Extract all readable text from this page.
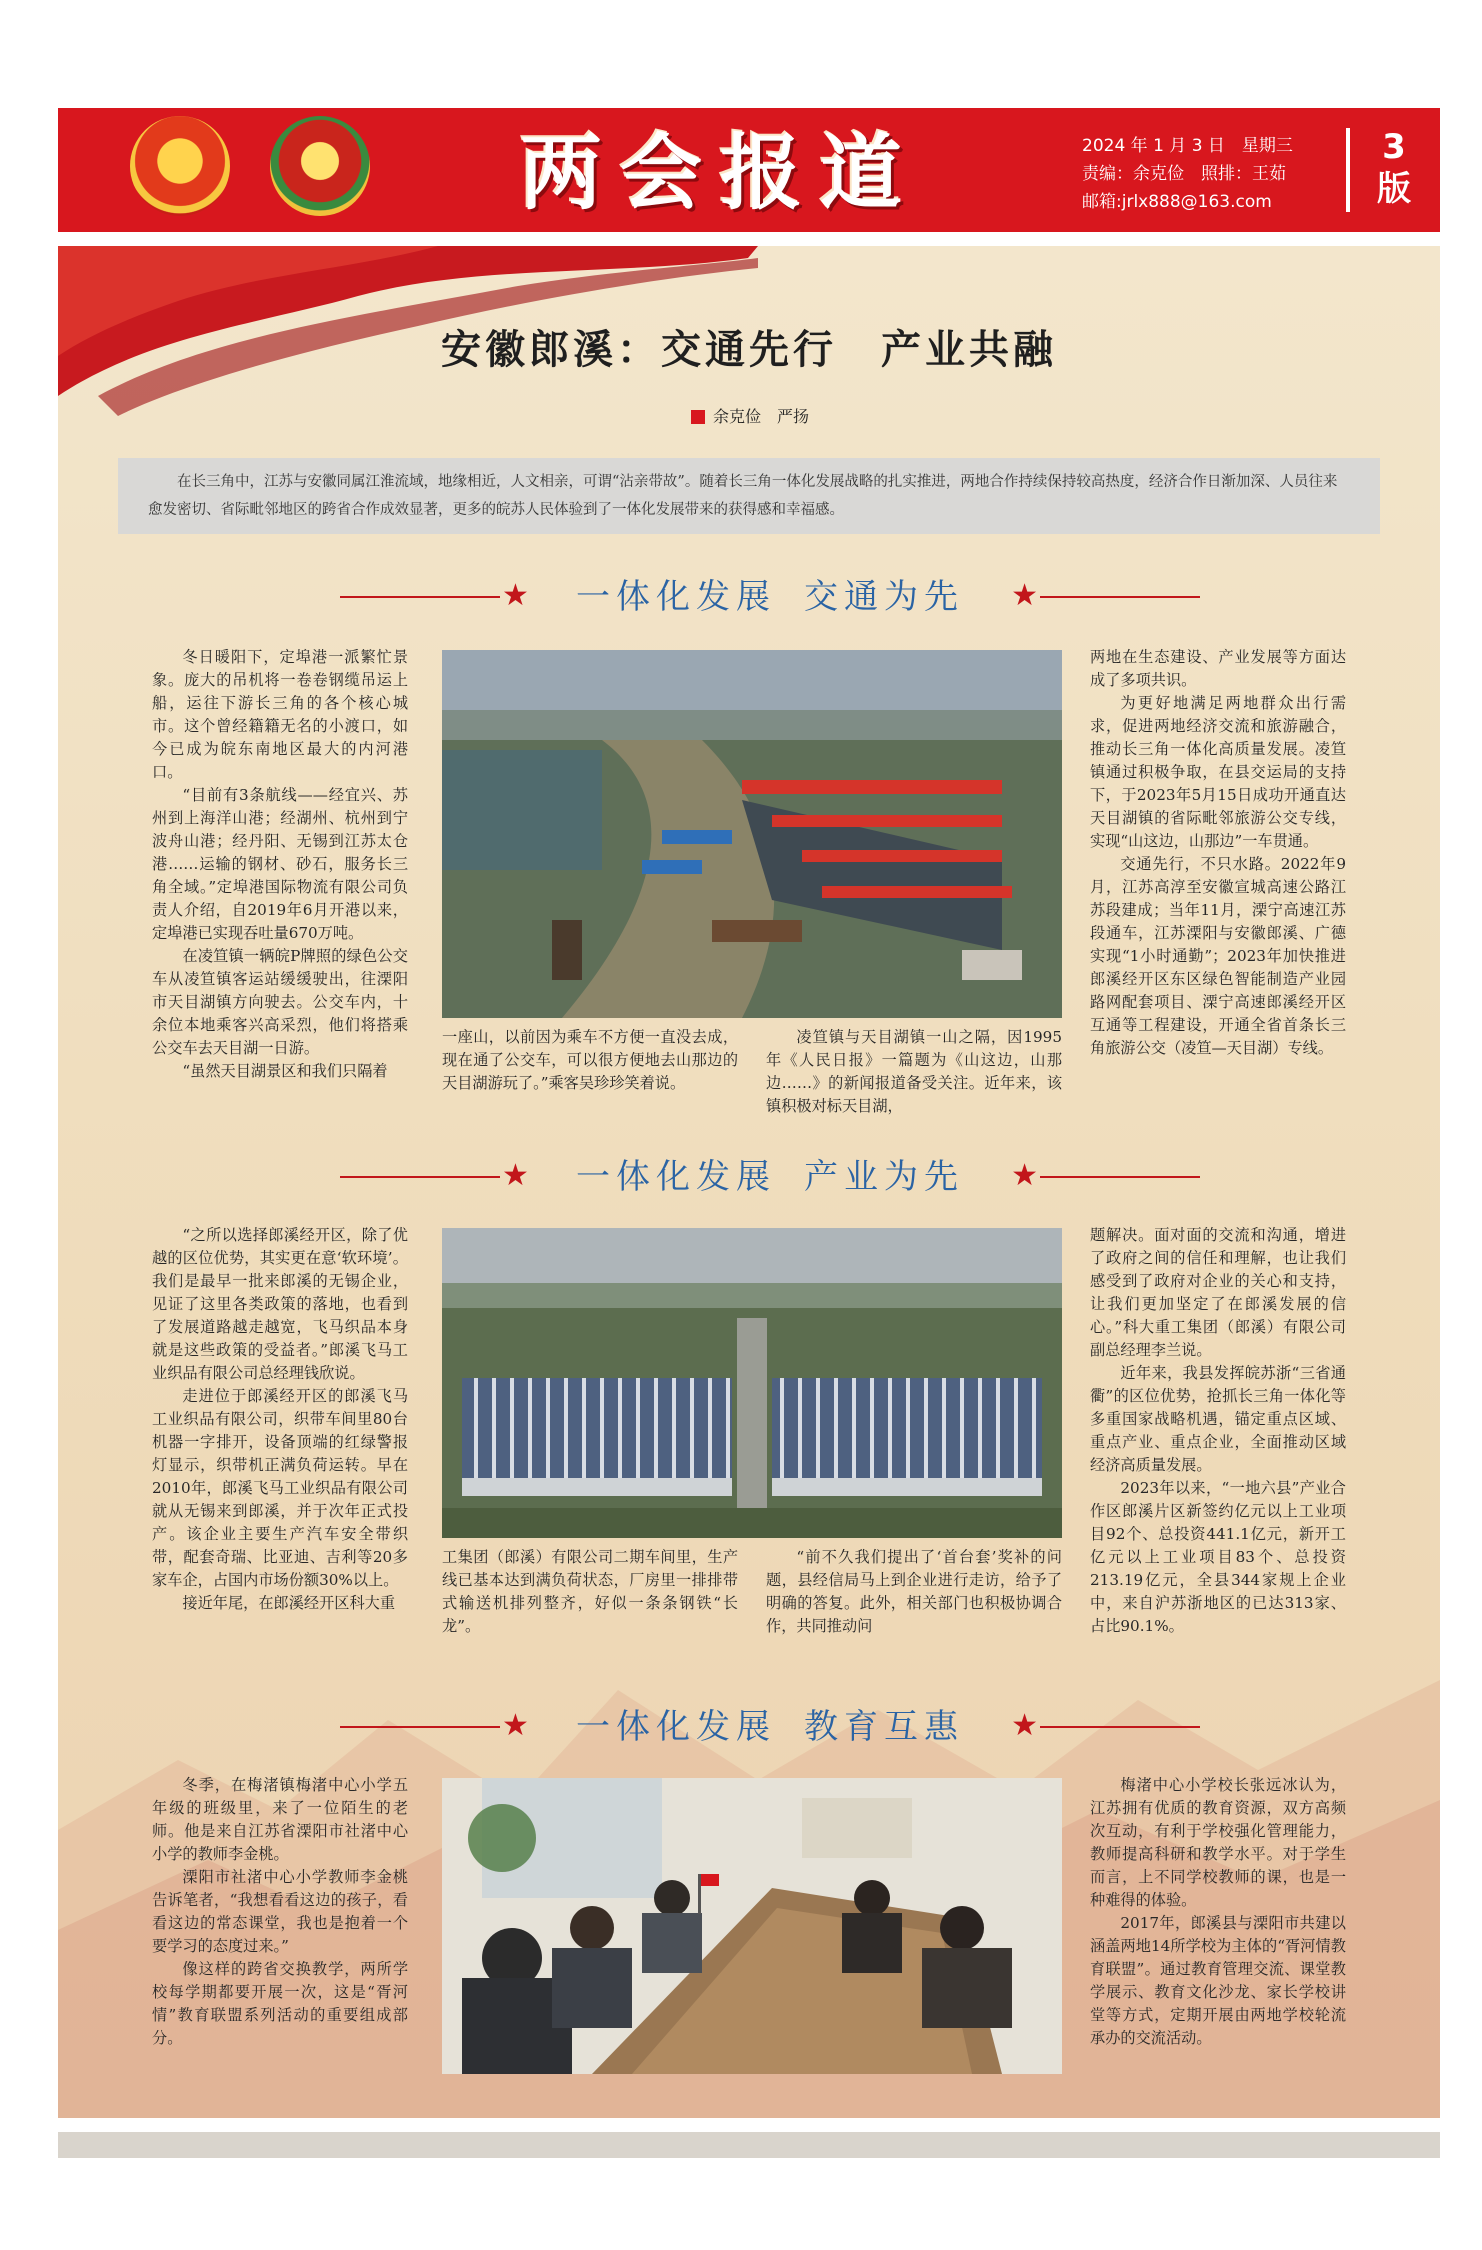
两会报道	2024 年 1 月 3 日　星期三
责编：余克俭　照排：王茹
邮箱:jrlx888@163.com
3
版
安徽郎溪：交通先行　产业共融
余克俭　严扬
在长三角中，江苏与安徽同属江淮流域，地缘相近，人文相亲，可谓“沾亲带故”。随着长三角一体化发展战略的扎实推进，两地合作持续保持较高热度，经济合作日渐加深、人员往来愈发密切、省际毗邻地区的跨省合作成效显著，更多的皖苏人民体验到了一体化发展带来的获得感和幸福感。
★	★
一体化发展 交通为先

冬日暖阳下，定埠港一派繁忙景象。庞大的吊机将一卷卷钢缆吊运上船，运往下游长三角的各个核心城市。这个曾经籍籍无名的小渡口，如今已成为皖东南地区最大的内河港口。

“目前有3条航线——经宜兴、苏州到上海洋山港；经湖州、杭州到宁波舟山港；经丹阳、无锡到江苏太仓港……运输的钢材、砂石，服务长三角全域。”定埠港国际物流有限公司负责人介绍，自2019年6月开港以来，定埠港已实现吞吐量670万吨。

在凌笪镇一辆皖P牌照的绿色公交车从凌笪镇客运站缓缓驶出，往溧阳市天目湖镇方向驶去。公交车内，十余位本地乘客兴高采烈，他们将搭乘公交车去天目湖一日游。

“虽然天目湖景区和我们只隔着

一座山，以前因为乘车不方便一直没去成，现在通了公交车，可以很方便地去山那边的天目湖游玩了。”乘客吴珍珍笑着说。

凌笪镇与天目湖镇一山之隔，因1995年《人民日报》一篇题为《山这边，山那边……》的新闻报道备受关注。近年来，该镇积极对标天目湖，

两地在生态建设、产业发展等方面达成了多项共识。

为更好地满足两地群众出行需求，促进两地经济交流和旅游融合，推动长三角一体化高质量发展。凌笪镇通过积极争取，在县交运局的支持下，于2023年5月15日成功开通直达天目湖镇的省际毗邻旅游公交专线，实现“山这边，山那边”一车贯通。

交通先行，不只水路。2022年9月，江苏高淳至安徽宣城高速公路江苏段建成；当年11月，溧宁高速江苏段通车，江苏溧阳与安徽郎溪、广德实现“1小时通勤”；2023年加快推进郎溪经开区东区绿色智能制造产业园路网配套项目、溧宁高速郎溪经开区互通等工程建设，开通全省首条长三角旅游公交（凌笪—天目湖）专线。

★	★
一体化发展 产业为先

“之所以选择郎溪经开区，除了优越的区位优势，其实更在意‘软环境’。我们是最早一批来郎溪的无锡企业，见证了这里各类政策的落地，也看到了发展道路越走越宽，飞马织品本身就是这些政策的受益者。”郎溪飞马工业织品有限公司总经理钱欣说。

走进位于郎溪经开区的郎溪飞马工业织品有限公司，织带车间里80台机器一字排开，设备顶端的红绿警报灯显示，织带机正满负荷运转。早在2010年，郎溪飞马工业织品有限公司就从无锡来到郎溪，并于次年正式投产。该企业主要生产汽车安全带织带，配套奇瑞、比亚迪、吉利等20多家车企，占国内市场份额30%以上。

接近年尾，在郎溪经开区科大重

工集团（郎溪）有限公司二期车间里，生产线已基本达到满负荷状态，厂房里一排排带式输送机排列整齐，好似一条条钢铁“长龙”。

“前不久我们提出了‘首台套’奖补的问题，县经信局马上到企业进行走访，给予了明确的答复。此外，相关部门也积极协调合作，共同推动问

题解决。面对面的交流和沟通，增进了政府之间的信任和理解，也让我们感受到了政府对企业的关心和支持，让我们更加坚定了在郎溪发展的信心。”科大重工集团（郎溪）有限公司副总经理李兰说。

近年来，我县发挥皖苏浙“三省通衢”的区位优势，抢抓长三角一体化等多重国家战略机遇，锚定重点区域、重点产业、重点企业，全面推动区域经济高质量发展。

2023年以来，“一地六县”产业合作区郎溪片区新签约亿元以上工业项目92个、总投资441.1亿元，新开工亿元以上工业项目83个、总投资213.19亿元，全县344家规上企业中，来自沪苏浙地区的已达313家、占比90.1%。

★	★
一体化发展 教育互惠

冬季，在梅渚镇梅渚中心小学五年级的班级里，来了一位陌生的老师。他是来自江苏省溧阳市社渚中心小学的教师李金桃。

溧阳市社渚中心小学教师李金桃告诉笔者，“我想看看这边的孩子，看看这边的常态课堂，我也是抱着一个要学习的态度过来。”

像这样的跨省交换教学，两所学校每学期都要开展一次，这是“胥河情”教育联盟系列活动的重要组成部分。

梅渚中心小学校长张远冰认为，江苏拥有优质的教育资源，双方高频次互动，有利于学校强化管理能力，教师提高科研和教学水平。对于学生而言，上不同学校教师的课，也是一种难得的体验。

2017年，郎溪县与溧阳市共建以涵盖两地14所学校为主体的“胥河情教育联盟”。通过教育管理交流、课堂教学展示、教育文化沙龙、家长学校讲堂等方式，定期开展由两地学校轮流承办的交流活动。
